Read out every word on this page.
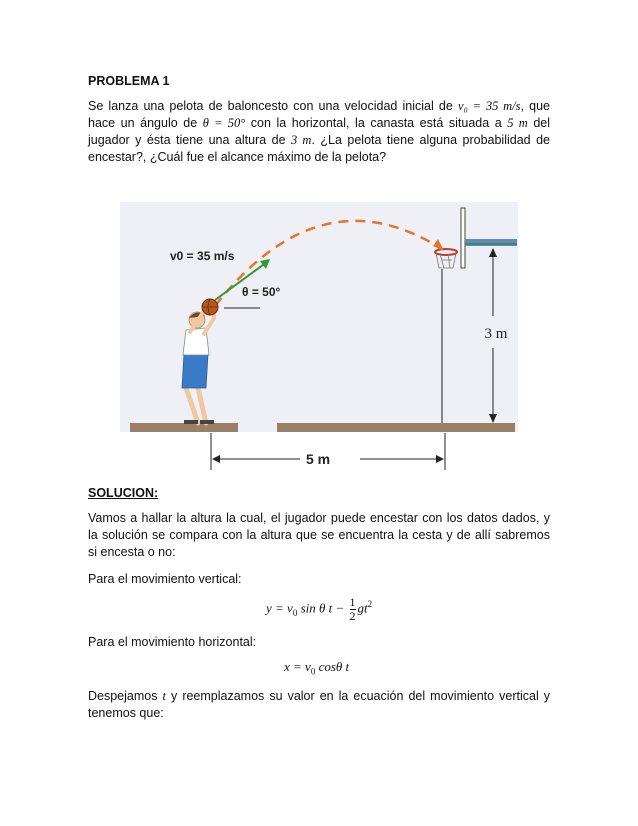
PROBLEMA 1
Se lanza una pelota de baloncesto con una velocidad inicial de v₀ = 35 m/s, que hace un ángulo de θ = 50° con la horizontal, la canasta está situada a 5 m del jugador y ésta tiene una altura de 3 m. ¿La pelota tiene alguna probabilidad de encestar?, ¿Cuál fue el alcance máximo de la pelota?
5 m
3 m
v0 = 35 m/s
θ = 50°
SOLUCION:
Vamos a hallar la altura la cual, el jugador puede encestar con los datos dados, y la solución se compara con la altura que se encuentra la cesta y de allí sabremos si encesta o no:
Para el movimiento vertical:
$y = v_0$ sin θ $t - \frac{1}{2} gt^2$
Para el movimiento horizontal:
$x = v_0$ cosθ t
Despejamos t y reemplazamos su valor en la ecuación del movimiento vertical y tenemos que:
